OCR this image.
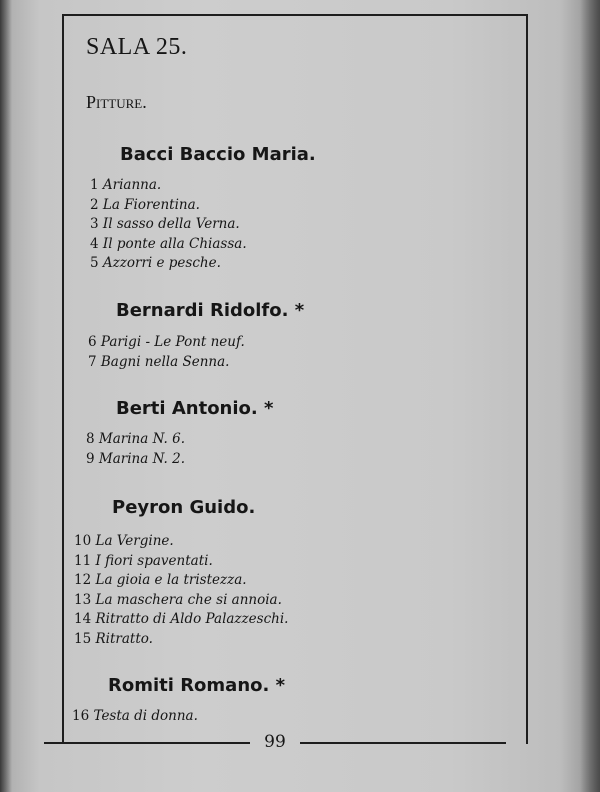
99
SALA 25.
Pitture.
Bacci Baccio Maria.
1 Arianna.
2 La Fiorentina.
3 Il sasso della Verna.
4 Il ponte alla Chiassa.
5 Azzorri e pesche.
Bernardi Ridolfo. *
6 Parigi - Le Pont neuf.
7 Bagni nella Senna.
Berti Antonio. *
8 Marina N. 6.
9 Marina N. 2.
Peyron Guido.
10 La Vergine.
11 I fiori spaventati.
12 La gioia e la tristezza.
13 La maschera che si annoia.
14 Ritratto di Aldo Palazzeschi.
15 Ritratto.
Romiti Romano. *
16 Testa di donna.
